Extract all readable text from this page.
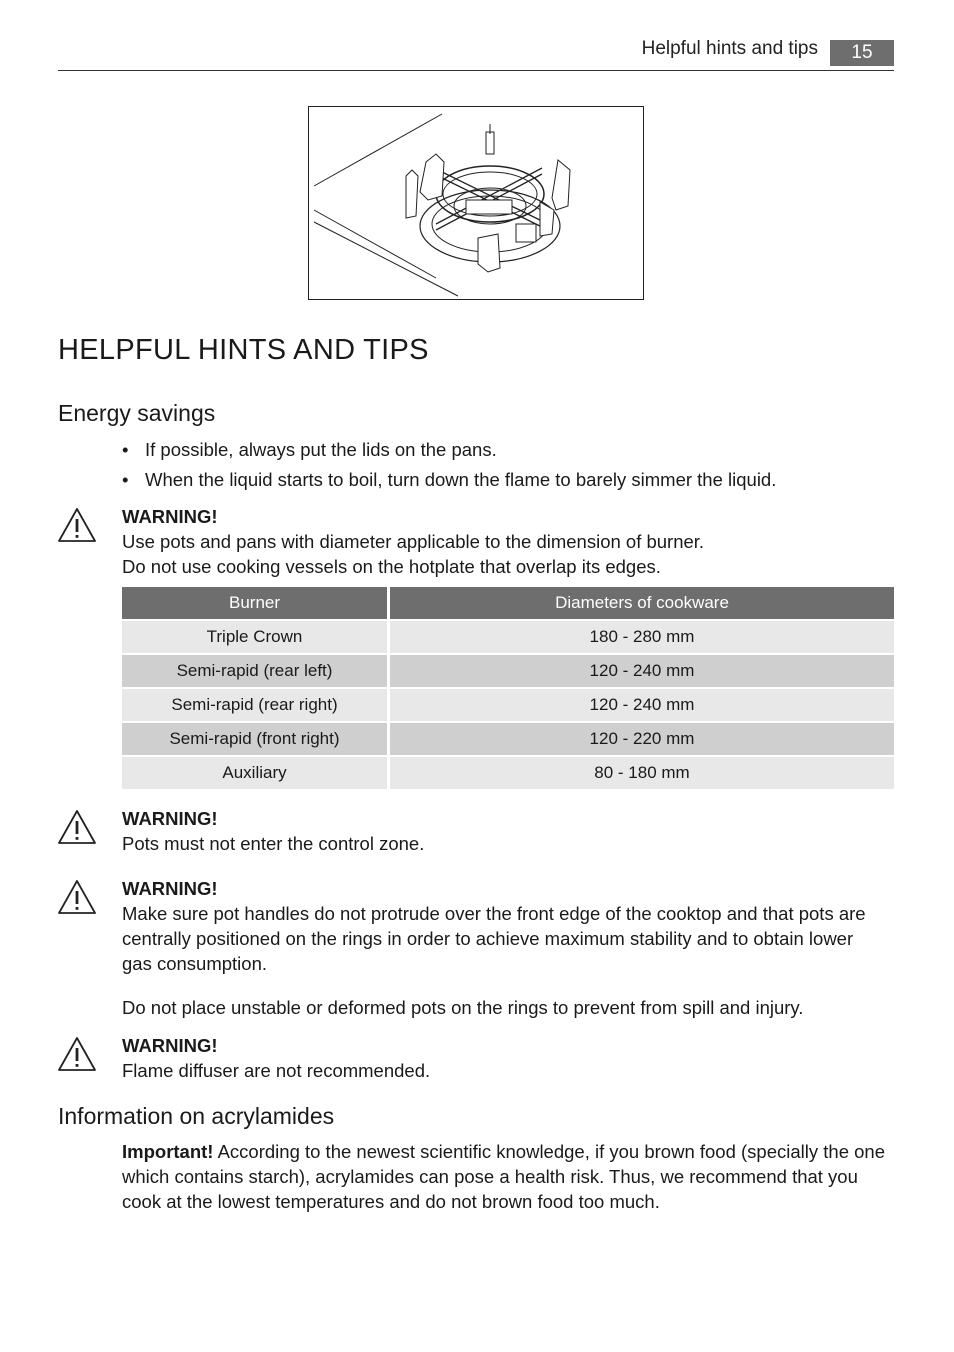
Helpful hints and tips	15
HELPFUL HINTS AND TIPS
Energy savings
• If possible, always put the lids on the pans.
• When the liquid starts to boil, turn down the flame to barely simmer the liquid.
WARNING!
Use pots and pans with diameter applicable to the dimension of burner.
Do not use cooking vessels on the hotplate that overlap its edges.
Burner	Diameters of cookware
Triple Crown	180 - 280 mm
Semi-rapid (rear left)	120 - 240 mm
Semi-rapid (rear right)	120 - 240 mm
Semi-rapid (front right)	120 - 220 mm
Auxiliary	80 - 180 mm
WARNING!
Pots must not enter the control zone.
WARNING!
Make sure pot handles do not protrude over the front edge of the cooktop and that pots are centrally positioned on the rings in order to achieve maximum stability and to obtain lower gas consumption.
Do not place unstable or deformed pots on the rings to prevent from spill and injury.
WARNING!
Flame diffuser are not recommended.
Information on acrylamides
Important! According to the newest scientific knowledge, if you brown food (specially the one which contains starch), acrylamides can pose a health risk. Thus, we recommend that you cook at the lowest temperatures and do not brown food too much.
